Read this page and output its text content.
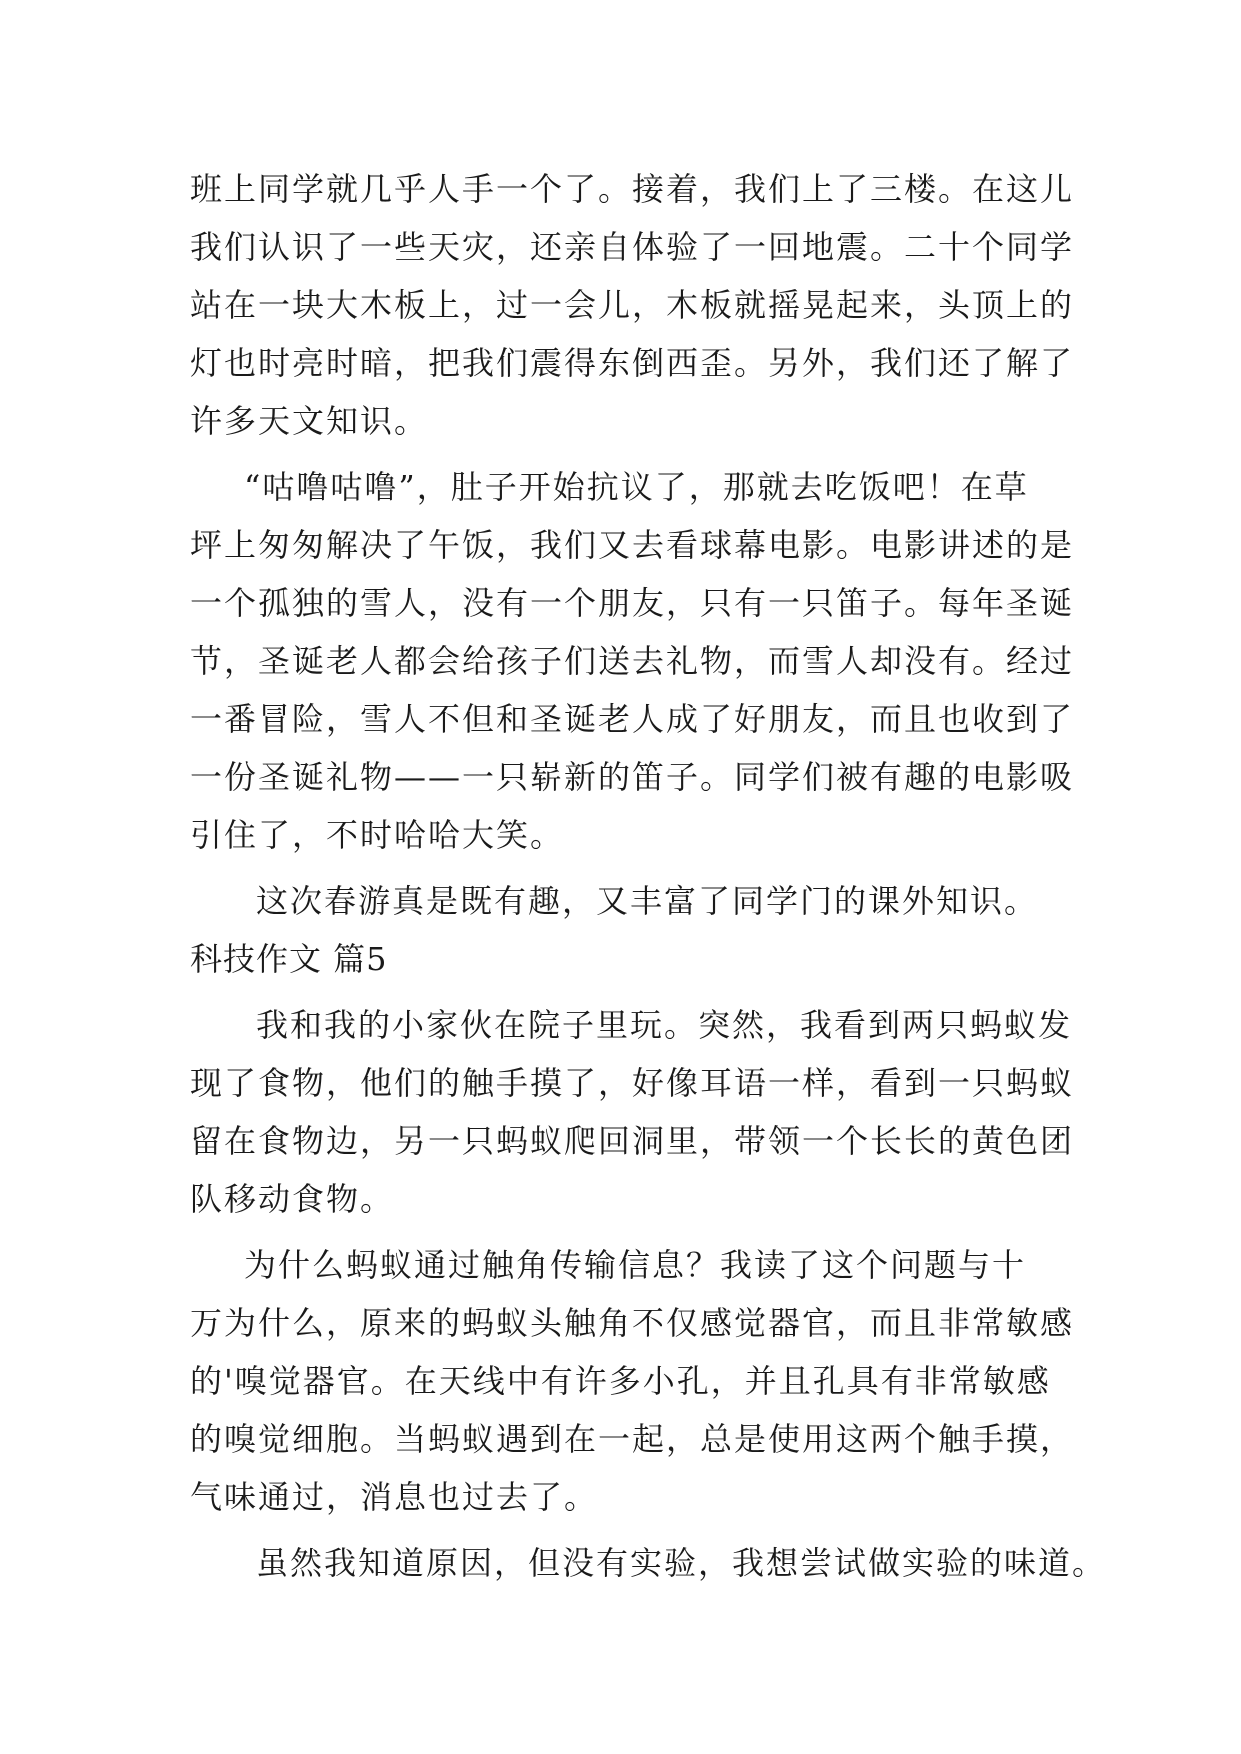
班上同学就几乎人手一个了。接着，我们上了三楼。在这儿
我们认识了一些天灾，还亲自体验了一回地震。二十个同学
站在一块大木板上，过一会儿，木板就摇晃起来，头顶上的
灯也时亮时暗，把我们震得东倒西歪。另外，我们还了解了
许多天文知识。
“咕噜咕噜”，肚子开始抗议了，那就去吃饭吧！在草
坪上匆匆解决了午饭，我们又去看球幕电影。电影讲述的是
一个孤独的雪人，没有一个朋友，只有一只笛子。每年圣诞
节，圣诞老人都会给孩子们送去礼物，而雪人却没有。经过
一番冒险，雪人不但和圣诞老人成了好朋友，而且也收到了
一份圣诞礼物——一只崭新的笛子。同学们被有趣的电影吸
引住了，不时哈哈大笑。
这次春游真是既有趣，又丰富了同学门的课外知识。
科技作文 篇5
我和我的小家伙在院子里玩。突然，我看到两只蚂蚁发
现了食物，他们的触手摸了，好像耳语一样，看到一只蚂蚁
留在食物边，另一只蚂蚁爬回洞里，带领一个长长的黄色团
队移动食物。
为什么蚂蚁通过触角传输信息？我读了这个问题与十
万为什么，原来的蚂蚁头触角不仅感觉器官，而且非常敏感
的'嗅觉器官。在天线中有许多小孔，并且孔具有非常敏感
的嗅觉细胞。当蚂蚁遇到在一起，总是使用这两个触手摸，
气味通过，消息也过去了。
虽然我知道原因，但没有实验，我想尝试做实验的味道。
